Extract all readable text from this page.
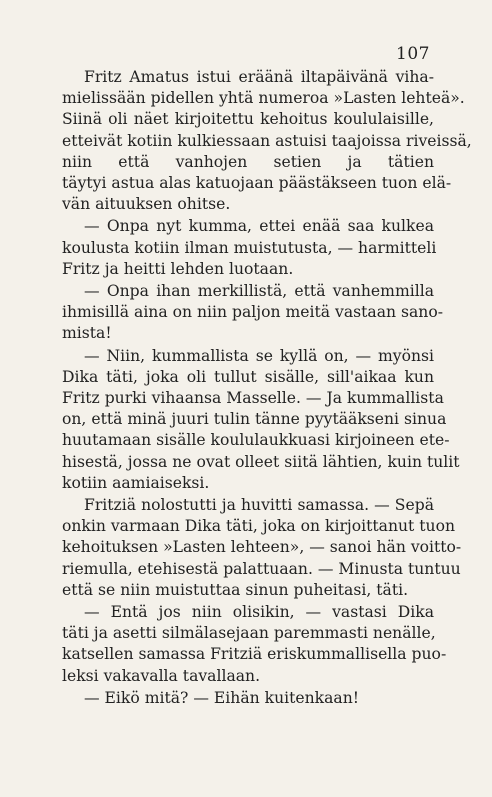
107
Fritz Amatus istui eräänä iltapäivänä viha-
mielissään pidellen yhtä numeroa »Lasten lehteä».
Siinä oli näet kirjoitettu kehoitus koululaisille,
etteivät kotiin kulkiessaan astuisi taajoissa riveissä,
niin että vanhojen setien ja tätien
täytyi astua alas katuojaan päästäkseen tuon elä-
vän aituuksen ohitse.
— Onpa nyt kumma, ettei enää saa kulkea
koulusta kotiin ilman muistutusta, — harmitteli
Fritz ja heitti lehden luotaan.
— Onpa ihan merkillistä, että vanhemmilla
ihmisillä aina on niin paljon meitä vastaan sano-
mista!
— Niin, kummallista se kyllä on, — myönsi
Dika täti, joka oli tullut sisälle, sill'aikaa kun
Fritz purki vihaansa Masselle. — Ja kummallista
on, että minä juuri tulin tänne pyytääkseni sinua
huutamaan sisälle koululaukkuasi kirjoineen ete-
hisestä, jossa ne ovat olleet siitä lähtien, kuin tulit
kotiin aamiaiseksi.
Fritziä nolostutti ja huvitti samassa. — Sepä
onkin varmaan Dika täti, joka on kirjoittanut tuon
kehoituksen »Lasten lehteen», — sanoi hän voitto-
riemulla, etehisestä palattuaan. — Minusta tuntuu
että se niin muistuttaa sinun puheitasi, täti.
— Entä jos niin olisikin, — vastasi Dika
täti ja asetti silmälasejaan paremmasti nenälle,
katsellen samassa Fritziä eriskummallisella puo-
leksi vakavalla tavallaan.
— Eikö mitä? — Eihän kuitenkaan!
